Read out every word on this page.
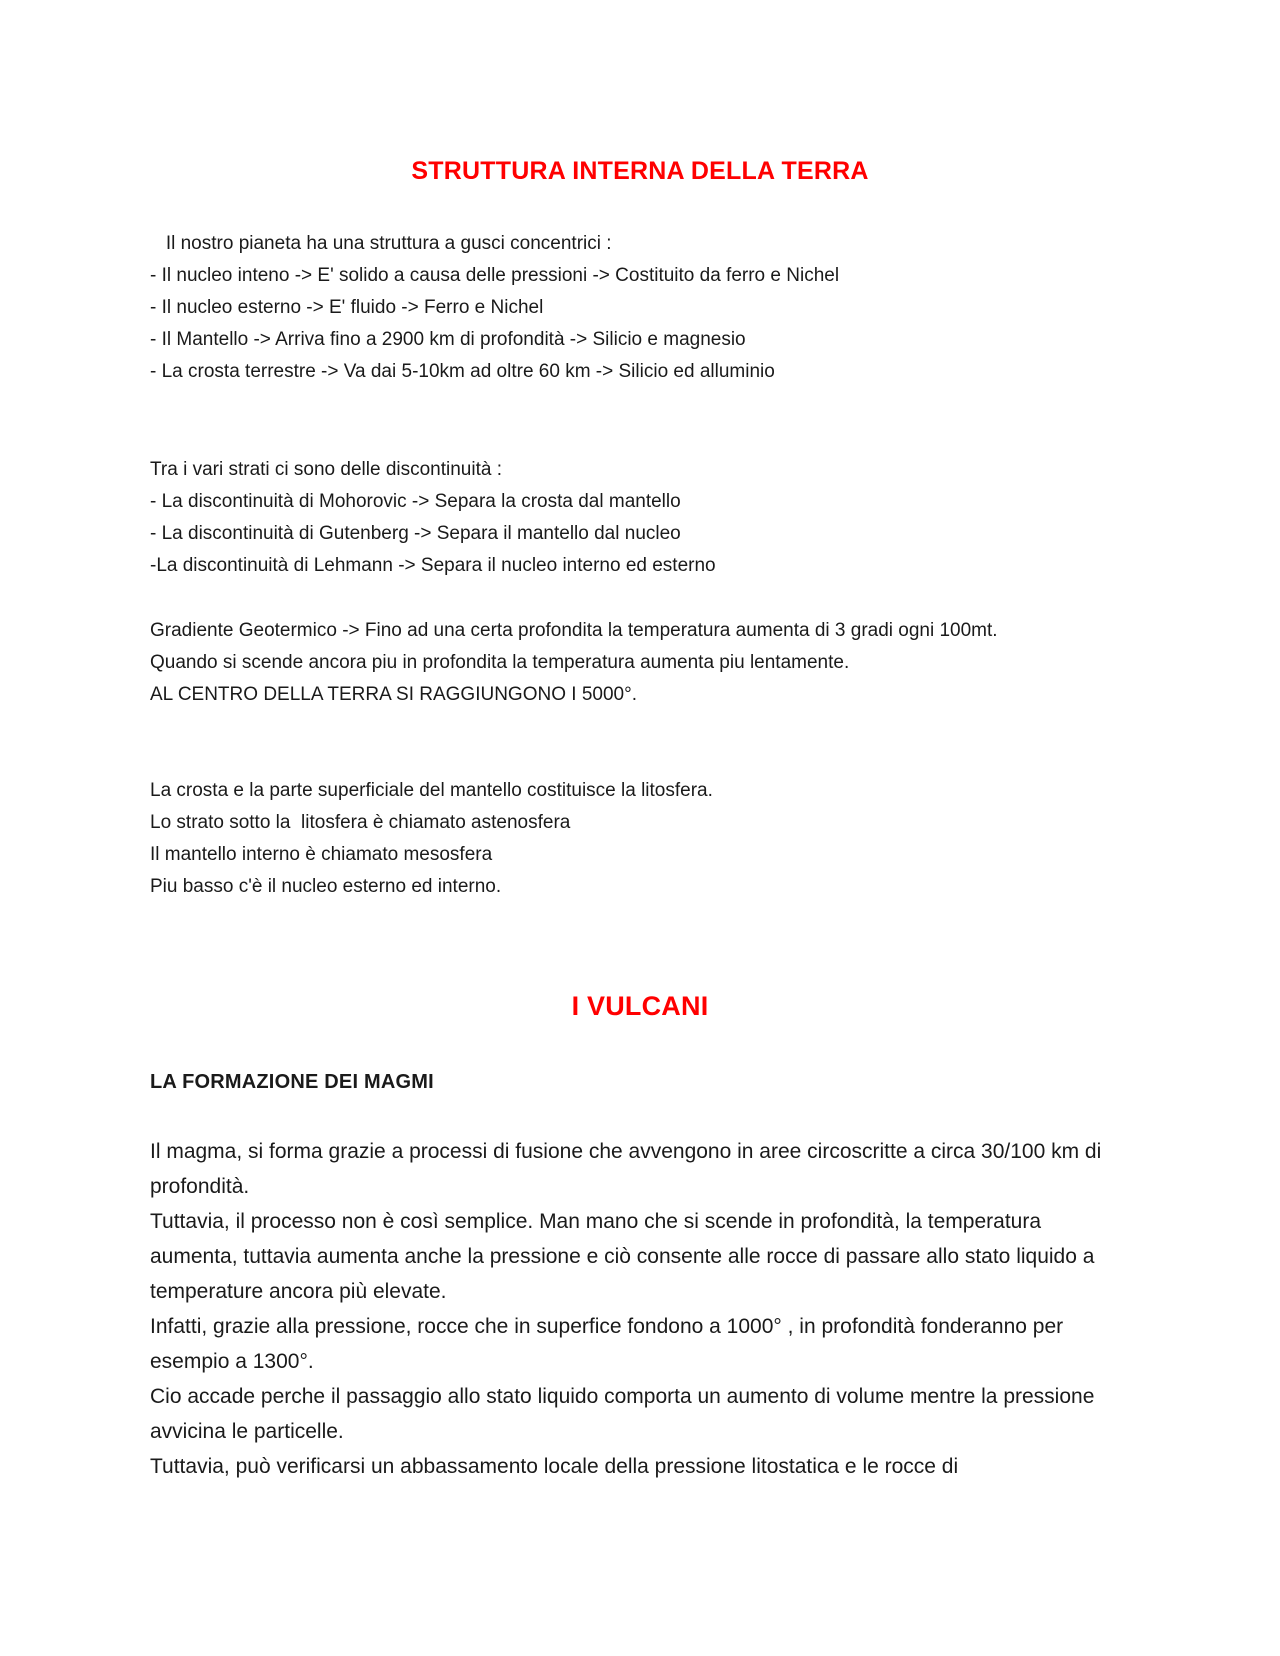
STRUTTURA INTERNA DELLA TERRA

Il nostro pianeta ha una struttura a gusci concentrici :

- Il nucleo inteno -> E' solido a causa delle pressioni -> Costituito da ferro e Nichel

- Il nucleo esterno -> E' fluido -> Ferro e Nichel

- Il Mantello -> Arriva fino a 2900 km di profondità -> Silicio e magnesio

- La crosta terrestre -> Va dai 5-10km ad oltre 60 km -> Silicio ed alluminio

Tra i vari strati ci sono delle discontinuità :

- La discontinuità di Mohorovic -> Separa la crosta dal mantello

- La discontinuità di Gutenberg -> Separa il mantello dal nucleo

-La discontinuità di Lehmann -> Separa il nucleo interno ed esterno

Gradiente Geotermico -> Fino ad una certa profondita la temperatura aumenta di 3 gradi ogni 100mt.

Quando si scende ancora piu in profondita la temperatura aumenta piu lentamente.

AL CENTRO DELLA TERRA SI RAGGIUNGONO I 5000°.

La crosta e la parte superficiale del mantello costituisce la litosfera.

Lo strato sotto la  litosfera è chiamato astenosfera

Il mantello interno è chiamato mesosfera

Piu basso c'è il nucleo esterno ed interno.

I VULCANI
LA FORMAZIONE DEI MAGMI

Il magma, si forma grazie a processi di fusione che avvengono in aree circoscritte a circa 30/100 km di profondità.

Tuttavia, il processo non è così semplice. Man mano che si scende in profondità, la temperatura aumenta, tuttavia aumenta anche la pressione e ciò consente alle rocce di passare allo stato liquido a temperature ancora più elevate.

Infatti, grazie alla pressione, rocce che in superfice fondono a 1000° , in profondità fonderanno per esempio a 1300°.

Cio accade perche il passaggio allo stato liquido comporta un aumento di volume mentre la pressione avvicina le particelle.

Tuttavia, può verificarsi un abbassamento locale della pressione litostatica e le rocce di
